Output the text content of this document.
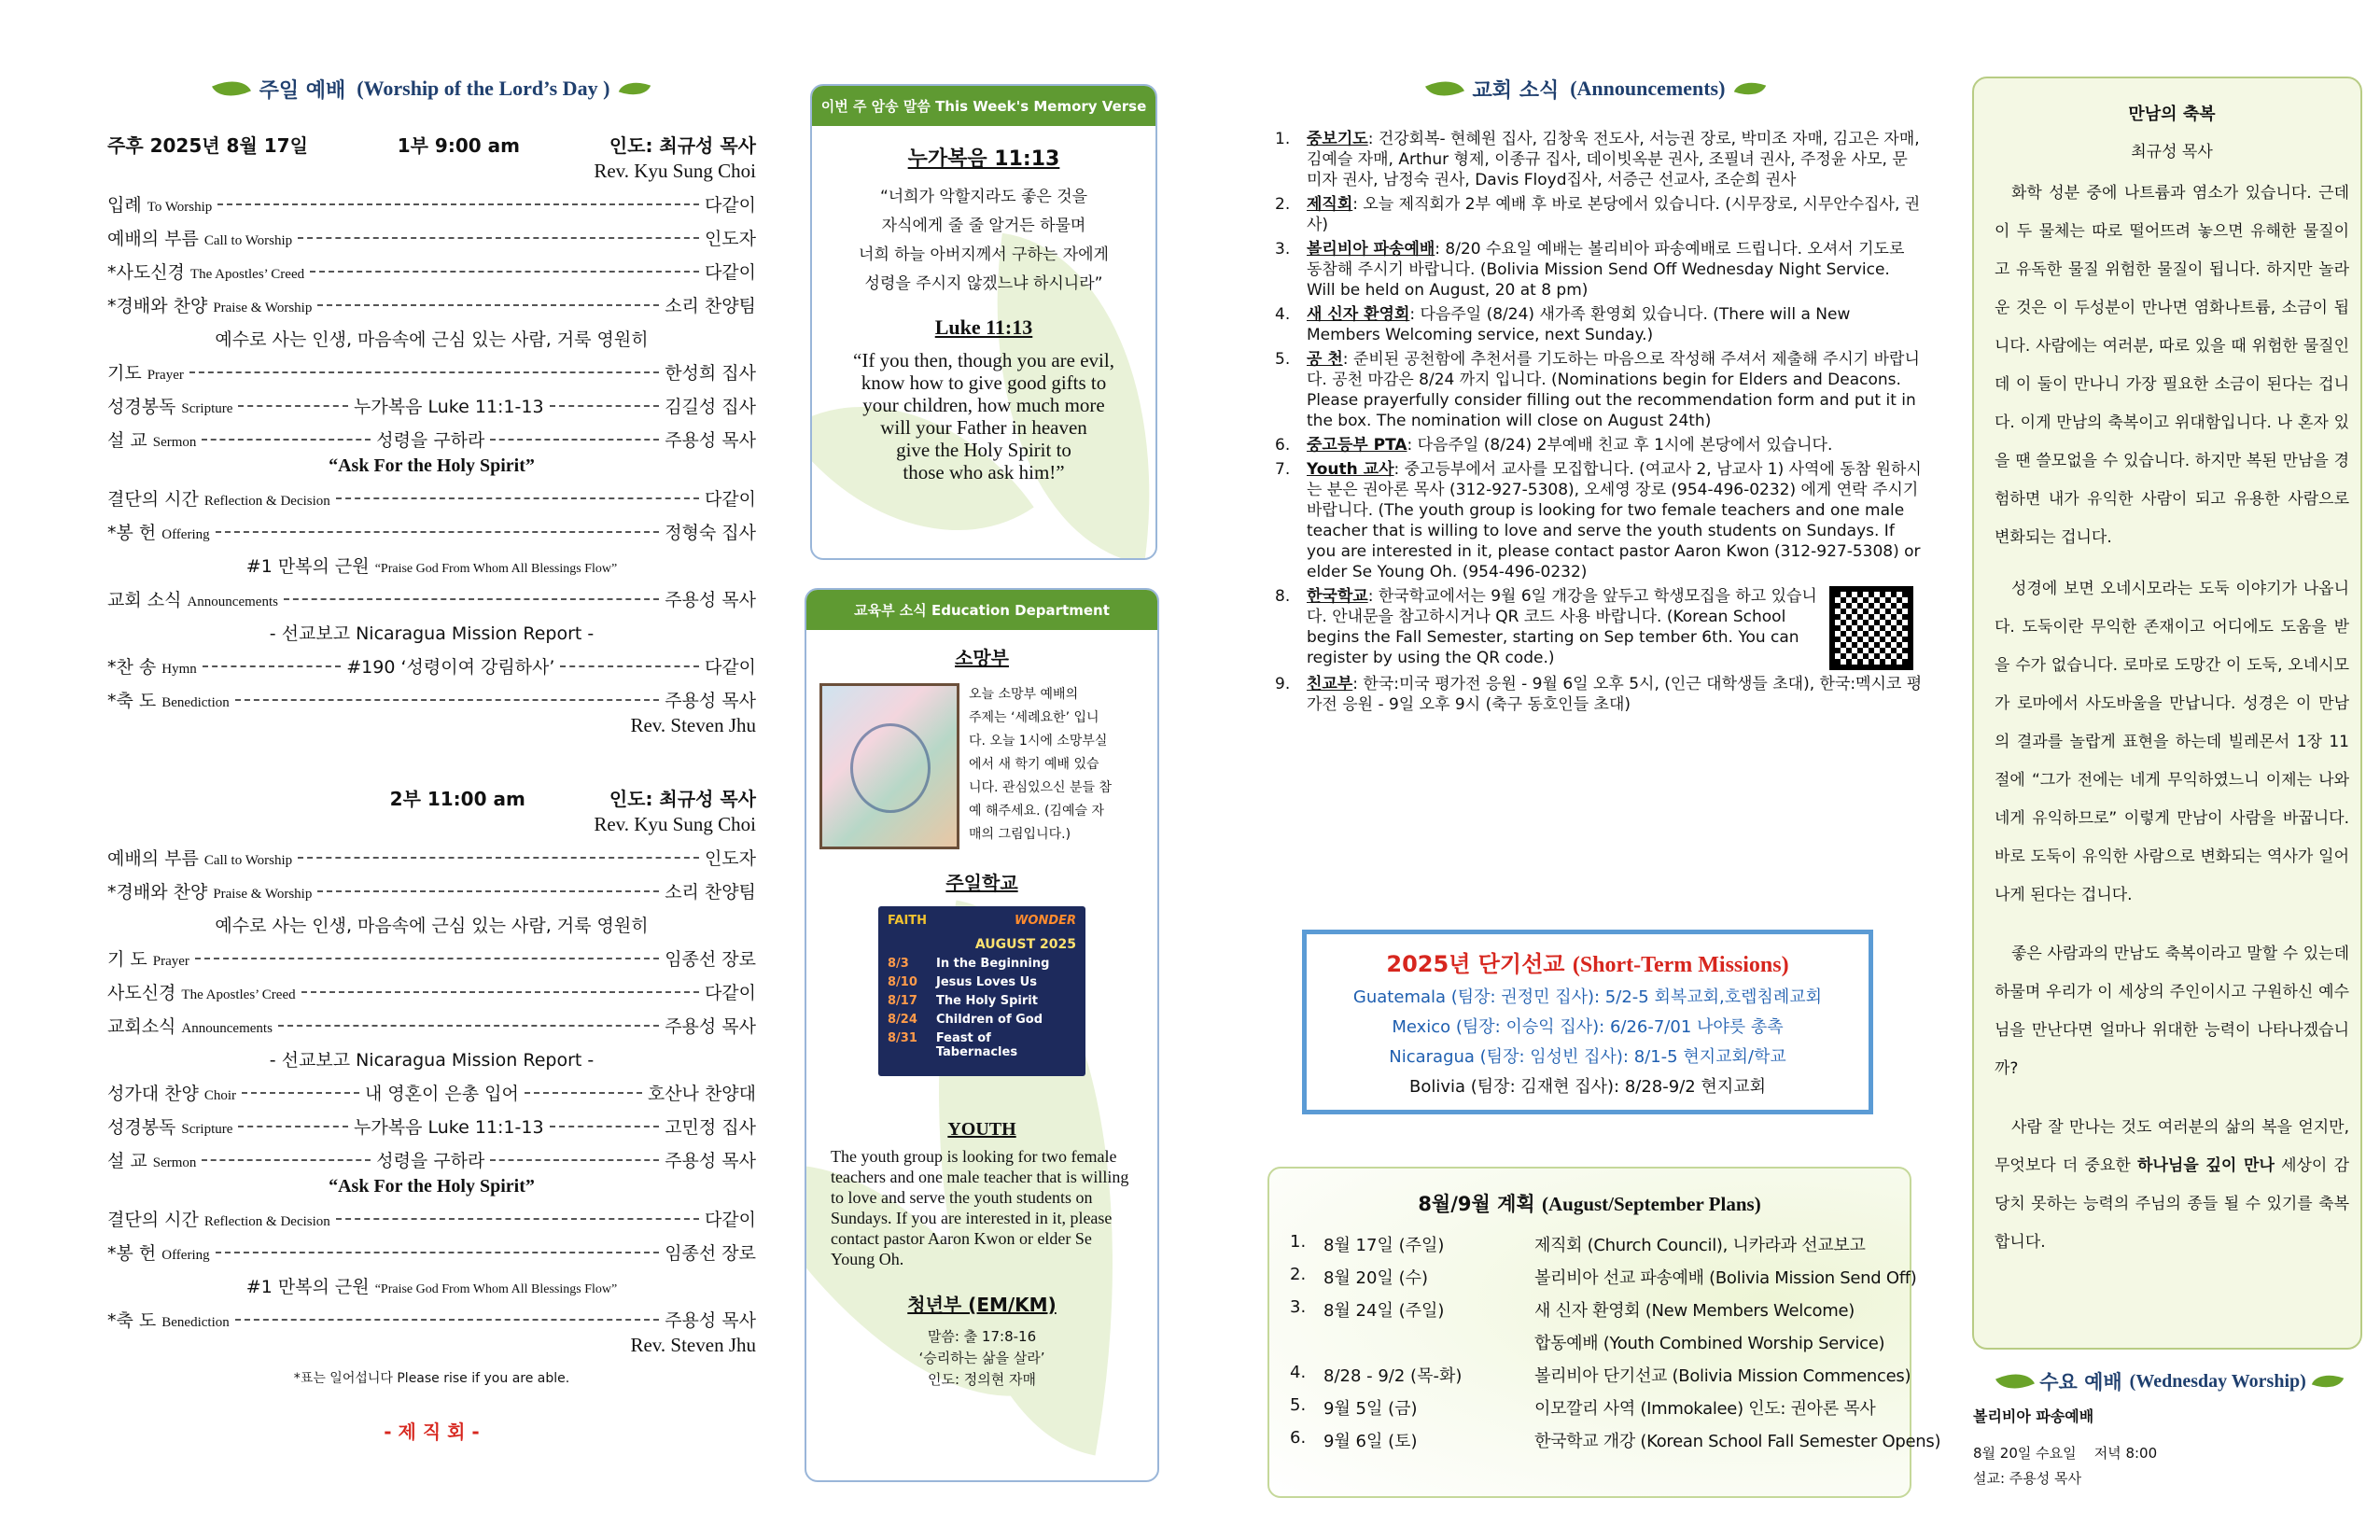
주일 예배 (Worship of the Lord’s Day )
주후 2025년 8월 17일	1부 9:00 am	인도: 최규성 목사
Rev. Kyu Sung Choi
입례 To Worship	다같이
예배의 부름 Call to Worship	인도자
*사도신경 The Apostles’ Creed	다같이
*경배와 찬양 Praise & Worship	소리 찬양팀
예수로 사는 인생, 마음속에 근심 있는 사람, 거룩 영원히
기도 Prayer	한성희 집사
성경봉독 Scripture	누가복음 Luke 11:1-13	김길성 집사
설 교 Sermon	성령을 구하라	주용성 목사
“Ask For the Holy Spirit”
결단의 시간 Reflection & Decision	다같이
*봉 헌 Offering	정형숙 집사
#1 만복의 근원 “Praise God From Whom All Blessings Flow”
교회 소식 Announcements	주용성 목사
- 선교보고 Nicaragua Mission Report -
*찬 송 Hymn	#190 ‘성령이여 강림하사’	다같이
*축 도 Benediction	주용성 목사
Rev. Steven Jhu
2부 11:00 am	인도: 최규성 목사
Rev. Kyu Sung Choi
예배의 부름 Call to Worship	인도자
*경배와 찬양 Praise & Worship	소리 찬양팀
예수로 사는 인생, 마음속에 근심 있는 사람, 거룩 영원히
기 도 Prayer	임종선 장로
사도신경 The Apostles’ Creed	다같이
교회소식 Announcements	주용성 목사
- 선교보고 Nicaragua Mission Report -
성가대 찬양 Choir	내 영혼이 은총 입어	호산나 찬양대
성경봉독 Scripture	누가복음 Luke 11:1-13	고민정 집사
설 교 Sermon	성령을 구하라	주용성 목사
“Ask For the Holy Spirit”
결단의 시간 Reflection & Decision	다같이
*봉 헌 Offering	임종선 장로
#1 만복의 근원 “Praise God From Whom All Blessings Flow”
*축 도 Benediction	주용성 목사
Rev. Steven Jhu
*표는 일어섭니다 Please rise if you are able.
- 제 직 회 -
이번 주 암송 말씀 This Week's Memory Verse
누가복음 11:13
“너희가 악할지라도 좋은 것을
자식에게 줄 줄 알거든 하물며
너희 하늘 아버지께서 구하는 자에게
성령을 주시지 않겠느냐 하시니라”
Luke 11:13
“If you then, though you are evil,
know how to give good gifts to
your children, how much more
will your Father in heaven
give the Holy Spirit to
those who ask him!”
교육부 소식 Education Department
소망부
오늘 소망부 예배의
주제는 ‘세례요한’ 입니
다. 오늘 1시에 소망부실
에서 새 학기 예배 있습
니다. 관심있으신 분들 참
예 해주세요. (김예슬 자
매의 그림입니다.)
주일학교
FAITH	WONDER
AUGUST 2025
8/3	In the Beginning
8/10	Jesus Loves Us
8/17	The Holy Spirit
8/24	Children of God
8/31	Feast of Tabernacles
YOUTH
The youth group is looking for two female teachers and one male teacher that is willing to love and serve the youth students on Sundays. If you are interested in it, please contact pastor Aaron Kwon or elder Se Young Oh.
청년부 (EM/KM)
말씀: 출 17:8-16
‘승리하는 삶을 살라’
인도: 정의현 자매
교회 소식 (Announcements)
1.	중보기도: 건강회복- 현혜원 집사, 김창욱 전도사, 서능권 장로, 박미조 자매, 김고은 자매, 김예슬 자매, Arthur 형제, 이종규 집사, 데이빗옥분 권사, 조필녀 권사, 주정윤 사모, 문미자 권사, 남정숙 권사, Davis Floyd집사, 서증근 선교사, 조순희 권사
2.	제직회: 오늘 제직회가 2부 예배 후 바로 본당에서 있습니다. (시무장로, 시무안수집사, 권사)
3.	볼리비아 파송예배: 8/20 수요일 예배는 볼리비아 파송예배로 드립니다. 오셔서 기도로 동참해 주시기 바랍니다. (Bolivia Mission Send Off Wednesday Night Service. Will be held on August, 20 at 8 pm)
4.	새 신자 환영회: 다음주일 (8/24) 새가족 환영회 있습니다. (There will a New Members Welcoming service, next Sunday.)
5.	공 천: 준비된 공천함에 추천서를 기도하는 마음으로 작성해 주셔서 제출해 주시기 바랍니다. 공천 마감은 8/24 까지 입니다. (Nominations begin for Elders and Deacons. Please prayerfully consider filling out the recommendation form and put it in the box. The nomination will close on August 24th)
6.	중고등부 PTA: 다음주일 (8/24) 2부예배 친교 후 1시에 본당에서 있습니다.
7.	Youth 교사: 중고등부에서 교사를 모집합니다. (여교사 2, 남교사 1) 사역에 동참 원하시는 분은 권아론 목사 (312-927-5308), 오세영 장로 (954-496-0232) 에게 연락 주시기 바랍니다. (The youth group is looking for two female teachers and one male teacher that is willing to love and serve the youth students on Sundays. If you are interested in it, please contact pastor Aaron Kwon (312-927-5308) or elder Se Young Oh. (954-496-0232)
8.	한국학교: 한국학교에서는 9월 6일 개강을 앞두고 학생모집을 하고 있습니다. 안내문을 참고하시거나 QR 코드 사용 바랍니다. (Korean School begins the Fall Semester, starting on Sep tember 6th. You can register by using the QR code.)
9.	친교부: 한국:미국 평가전 응원 - 9월 6일 오후 5시, (인근 대학생들 초대), 한국:멕시코 평가전 응원 - 9일 오후 9시 (축구 동호인들 초대)
2025년 단기선교 (Short-Term Missions)
Guatemala (팀장: 권정민 집사): 5/2-5 회복교회,호렙침례교회
Mexico (팀장: 이승익 집사): 6/26-7/01 나야릇 총촉
Nicaragua (팀장: 임성빈 집사): 8/1-5 현지교회/학교
Bolivia (팀장: 김재현 집사): 8/28-9/2 현지교회
8월/9월 계획 (August/September Plans)
1.	8월 17일 (주일)	제직회 (Church Council), 니카라과 선교보고
2.	8월 20일 (수)	볼리비아 선교 파송예배 (Bolivia Mission Send Off)
3.	8월 24일 (주일)	새 신자 환영회 (New Members Welcome)
합동예배 (Youth Combined Worship Service)
4.	8/28 - 9/2 (목-화)	볼리비아 단기선교 (Bolivia Mission Commences)
5.	9월 5일 (금)	이모깔리 사역 (Immokalee) 인도: 권아론 목사
6.	9월 6일 (토)	한국학교 개강 (Korean School Fall Semester Opens)
만남의 축복
최규성 목사
화학 성분 중에 나트륨과 염소가 있습니다. 근데 이 두 물체는 따로 떨어뜨려 놓으면 유해한 물질이고 유독한 물질 위험한 물질이 됩니다. 하지만 놀라운 것은 이 두성분이 만나면 염화나트륨, 소금이 됩니다. 사람에는 여러분, 따로 있을 때 위험한 물질인데 이 둘이 만나니 가장 필요한 소금이 된다는 겁니다. 이게 만남의 축복이고 위대함입니다. 나 혼자 있을 땐 쓸모없을 수 있습니다. 하지만 복된 만남을 경험하면 내가 유익한 사람이 되고 유용한 사람으로 변화되는 겁니다.
성경에 보면 오네시모라는 도둑 이야기가 나옵니다. 도둑이란 무익한 존재이고 어디에도 도움을 받을 수가 없습니다. 로마로 도망간 이 도둑, 오네시모가 로마에서 사도바울을 만납니다. 성경은 이 만남의 결과를 놀랍게 표현을 하는데 빌레몬서 1장 11절에 “그가 전에는 네게 무익하였느니 이제는 나와 네게 유익하므로” 이렇게 만남이 사람을 바꿉니다. 바로 도둑이 유익한 사람으로 변화되는 역사가 일어나게 된다는 겁니다.
좋은 사람과의 만남도 축복이라고 말할 수 있는데 하물며 우리가 이 세상의 주인이시고 구원하신 예수님을 만난다면 얼마나 위대한 능력이 나타나겠습니까?
사람 잘 만나는 것도 여러분의 삶의 복을 얻지만, 무엇보다 더 중요한 하나님을 깊이 만나 세상이 감당치 못하는 능력의 주님의 종들 될 수 있기를 축복합니다.
수요 예배 (Wednesday Worship)
볼리비아 파송예배
8월 20일 수요일    저녁 8:00
설교: 주용성 목사
